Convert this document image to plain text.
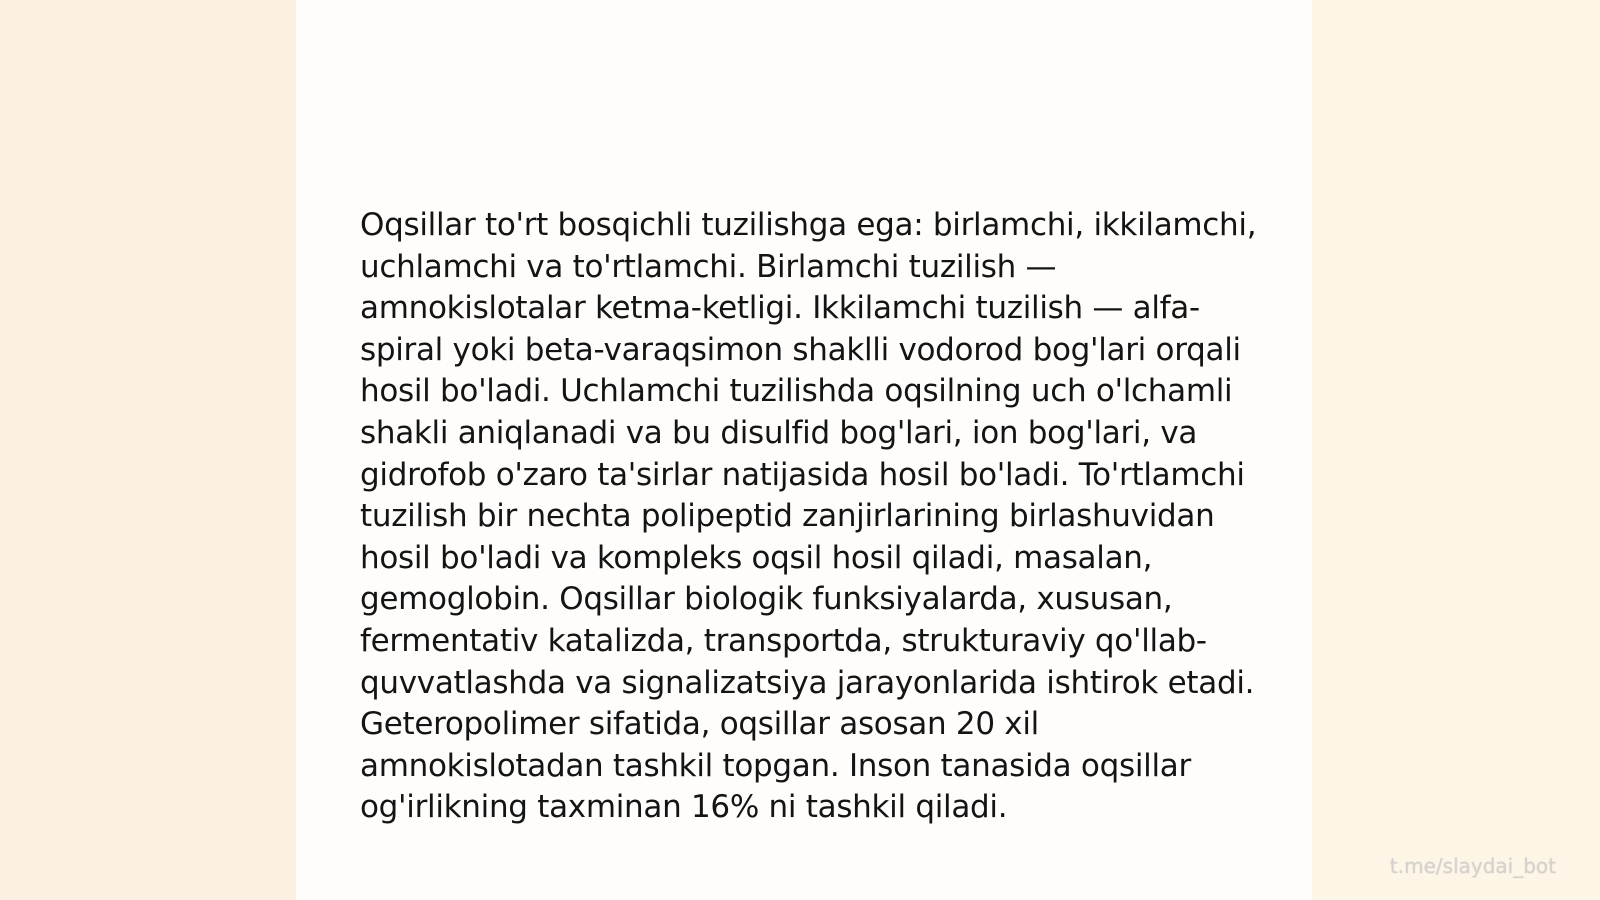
Oqsillar to'rt bosqichli tuzilishga ega: birlamchi, ikkilamchi, uchlamchi va to'rtlamchi. Birlamchi tuzilish — amnokislotalar ketma-ketligi. Ikkilamchi tuzilish — alfa-spiral yoki beta-varaqsimon shaklli vodorod bog'lari orqali hosil bo'ladi. Uchlamchi tuzilishda oqsilning uch o'lchamli shakli aniqlanadi va bu disulfid bog'lari, ion bog'lari, va gidrofob o'zaro ta'sirlar natijasida hosil bo'ladi. To'rtlamchi tuzilish bir nechta polipeptid zanjirlarining birlashuvidan hosil bo'ladi va kompleks oqsil hosil qiladi, masalan, gemoglobin. Oqsillar biologik funksiyalarda, xususan, fermentativ katalizda, transportda, strukturaviy qo'llab-quvvatlashda va signalizatsiya jarayonlarida ishtirok etadi. Geteropolimer sifatida, oqsillar asosan 20 xil amnokislotadan tashkil topgan. Inson tanasida oqsillar og'irlikning taxminan 16% ni tashkil qiladi.

t.me/slaydai_bot
